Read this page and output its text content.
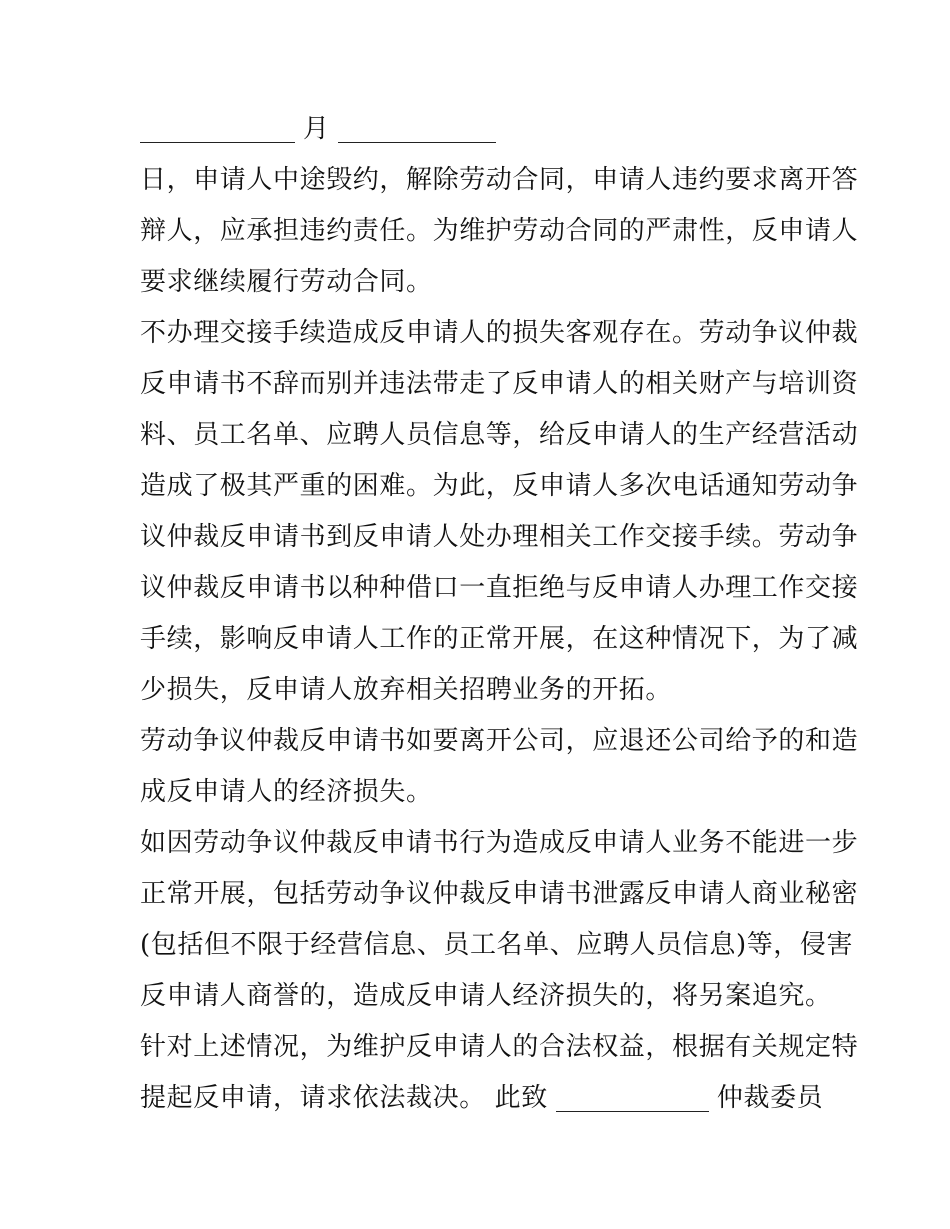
月
日，申请人中途毁约，解除劳动合同，申请人违约要求离开答
辩人，应承担违约责任。为维护劳动合同的严肃性，反申请人
要求继续履行劳动合同。
不办理交接手续造成反申请人的损失客观存在。劳动争议仲裁
反申请书不辞而别并违法带走了反申请人的相关财产与培训资
料、员工名单、应聘人员信息等，给反申请人的生产经营活动
造成了极其严重的困难。为此，反申请人多次电话通知劳动争
议仲裁反申请书到反申请人处办理相关工作交接手续。劳动争
议仲裁反申请书以种种借口一直拒绝与反申请人办理工作交接
手续，影响反申请人工作的正常开展，在这种情况下，为了减
少损失，反申请人放弃相关招聘业务的开拓。
劳动争议仲裁反申请书如要离开公司，应退还公司给予的和造
成反申请人的经济损失。
如因劳动争议仲裁反申请书行为造成反申请人业务不能进一步
正常开展，包括劳动争议仲裁反申请书泄露反申请人商业秘密
(包括但不限于经营信息、员工名单、应聘人员信息)等，侵害
反申请人商誉的，造成反申请人经济损失的，将另案追究。
针对上述情况，为维护反申请人的合法权益，根据有关规定特
提起反申请，请求依法裁决。 此致	仲裁委员
